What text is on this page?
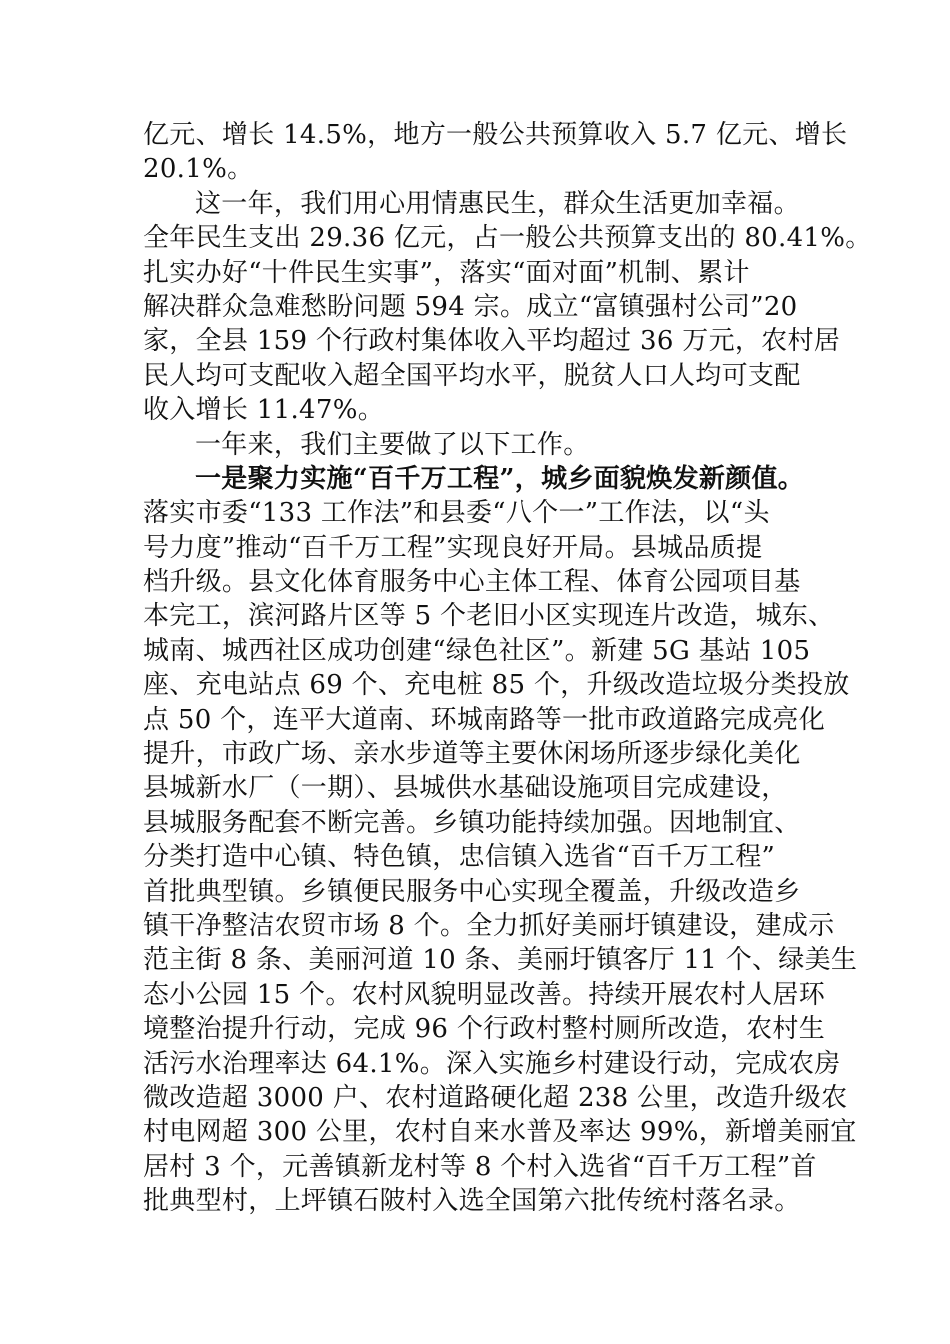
亿元、增长 14.5%，地方一般公共预算收入 5.7 亿元、增长
20.1%。
这一年，我们用心用情惠民生，群众生活更加幸福。
全年民生支出 29.36 亿元，占一般公共预算支出的 80.41%。
扎实办好“十件民生实事”，落实“面对面”机制、累计
解决群众急难愁盼问题 594 宗。成立“富镇强村公司”20
家，全县 159 个行政村集体收入平均超过 36 万元，农村居
民人均可支配收入超全国平均水平，脱贫人口人均可支配
收入增长 11.47%。
一年来，我们主要做了以下工作。
一是聚力实施“百千万工程”，城乡面貌焕发新颜值。
落实市委“133 工作法”和县委“八个一”工作法，以“头
号力度”推动“百千万工程”实现良好开局。县城品质提
档升级。县文化体育服务中心主体工程、体育公园项目基
本完工，滨河路片区等 5 个老旧小区实现连片改造，城东、
城南、城西社区成功创建“绿色社区”。新建 5G 基站 105
座、充电站点 69 个、充电桩 85 个，升级改造垃圾分类投放
点 50 个，连平大道南、环城南路等一批市政道路完成亮化
提升，市政广场、亲水步道等主要休闲场所逐步绿化美化
县城新水厂（一期）、县城供水基础设施项目完成建设，
县城服务配套不断完善。乡镇功能持续加强。因地制宜、
分类打造中心镇、特色镇，忠信镇入选省“百千万工程”
首批典型镇。乡镇便民服务中心实现全覆盖，升级改造乡
镇干净整洁农贸市场 8 个。全力抓好美丽圩镇建设，建成示
范主街 8 条、美丽河道 10 条、美丽圩镇客厅 11 个、绿美生
态小公园 15 个。农村风貌明显改善。持续开展农村人居环
境整治提升行动，完成 96 个行政村整村厕所改造，农村生
活污水治理率达 64.1%。深入实施乡村建设行动，完成农房
微改造超 3000 户、农村道路硬化超 238 公里，改造升级农
村电网超 300 公里，农村自来水普及率达 99%，新增美丽宜
居村 3 个，元善镇新龙村等 8 个村入选省“百千万工程”首
批典型村，上坪镇石陂村入选全国第六批传统村落名录。
